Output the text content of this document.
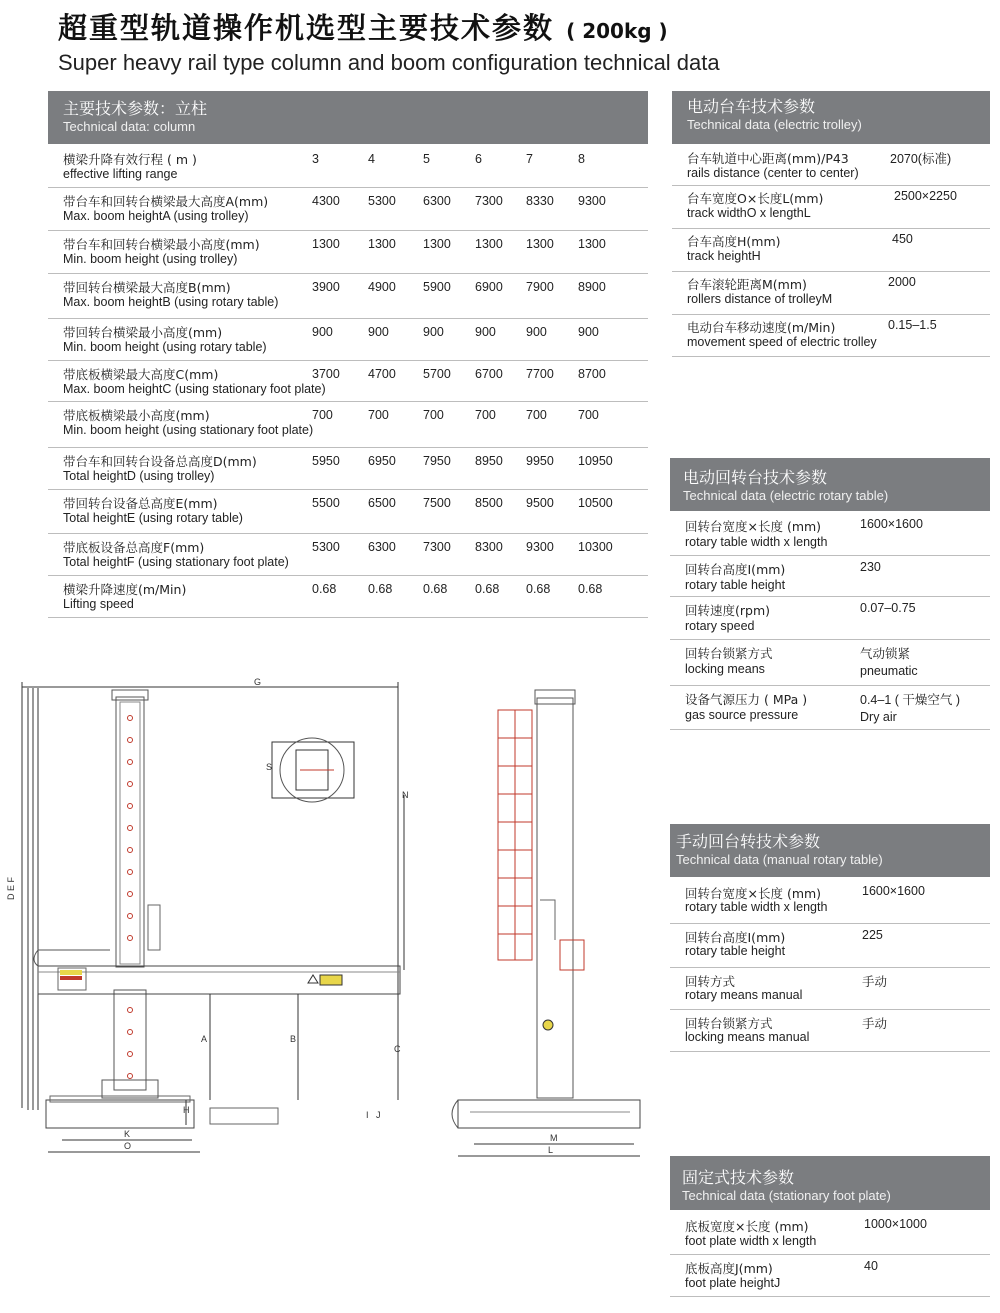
超重型轨道操作机选型主要技术参数 ( 200kg )
Super heavy rail type column and boom configuration technical data
主要技术参数：立柱
Technical data: column
横梁升降有效行程 ( m )
effective lifting range
3	4	5	6	7	8
带台车和回转台横梁最大高度A(mm)
Max. boom heightA (using trolley)
4300 5300 6300 7300 8330 9300
带台车和回转台横梁最小高度(mm)
Min. boom height (using trolley)
1300 1300 1300 1300 1300 1300
带回转台横梁最大高度B(mm)
Max. boom heightB (using rotary table)
3900 4900 5900 6900 7900 8900
带回转台横梁最小高度(mm)
Min. boom height (using rotary table)
900	900	900 900 900 900
带底板横梁最大高度C(mm)
Max. boom heightC (using stationary foot plate)
3700 4700 5700 6700 7700 8700
带底板横梁最小高度(mm)
Min. boom height (using stationary foot plate)
700	700	700 700 700 700
带台车和回转台设备总高度D(mm)
Total heightD (using trolley)
5950 6950 7950 8950 9950 10950
带回转台设备总高度E(mm)
Total heightE (using rotary table)
5500 6500 7500 8500 9500 10500
带底板设备总高度F(mm)
Total heightF (using stationary foot plate)
5300 6300 7300 8300 9300 10300
横梁升降速度(m/Min)
Lifting speed
0.68	0.68 0.68 0.68 0.68 0.68
电动台车技术参数
Technical data (electric trolley)
台车轨道中心距离(mm)/P43
rails distance (center to center)
2070(标准)
台车宽度O×长度L(mm)
track widthO x lengthL
2500×2250
台车高度H(mm)
track heightH
450
台车滚轮距离M(mm)
rollers distance of trolleyM
2000
电动台车移动速度(m/Min)
movement speed of electric trolley
0.15–1.5
电动回转台技术参数
Technical data (electric rotary table)
回转台宽度×长度 (mm)
rotary table width x length
1600×1600
回转台高度I(mm)
rotary table height
230
回转速度(rpm)
rotary speed
0.07–0.75
回转台锁紧方式
locking means
气动锁紧
pneumatic
设备气源压力 ( MPa )
gas source pressure
0.4–1 ( 干燥空气 )
Dry air
手动回台转技术参数
Technical data (manual rotary table)
回转台宽度×长度 (mm)
rotary table width x length
1600×1600
回转台高度I(mm)
rotary table height
225
回转方式
rotary means manual
手动
回转台锁紧方式
locking means manual
手动
固定式技术参数
Technical data (stationary foot plate)
底板宽度×长度 (mm)
foot plate width x length
1000×1000
底板高度J(mm)
foot plate heightJ
40
G
S
N
D E F
A	B
C
H	I J
K
O
M
L
